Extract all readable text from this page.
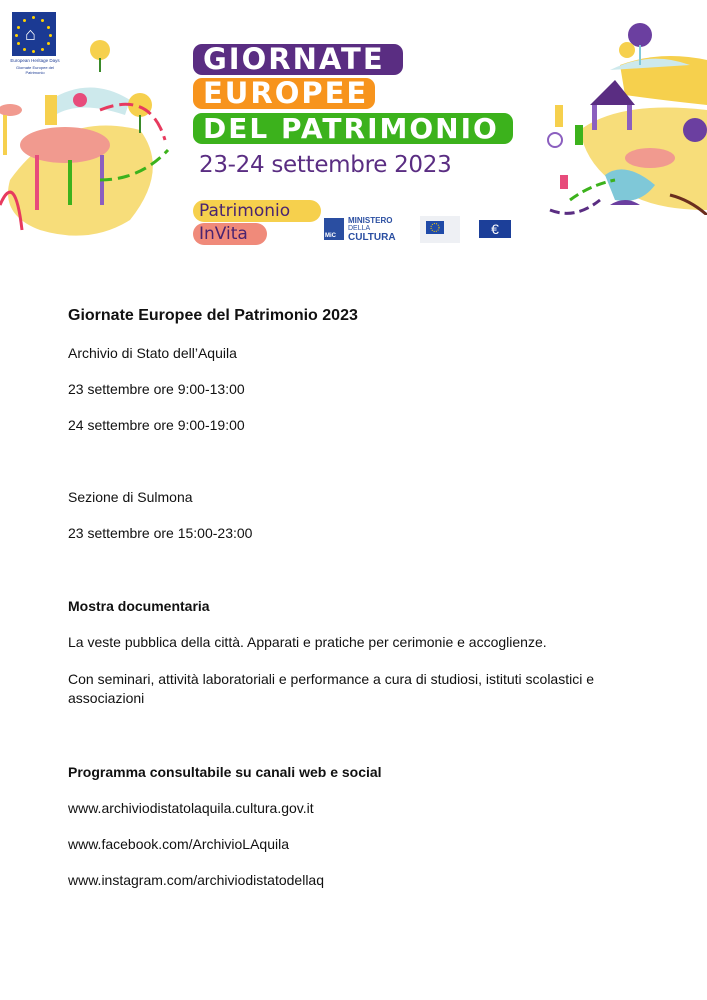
⌂
European Heritage Days
Giornate Europee del Patrimonio	GIORNATE
EUROPEE
DEL PATRIMONIO
23-24 settembre 2023
Patrimonio
InVita	MiC
MINISTERO
DELLA
CULTURA
€
Giornate Europee del Patrimonio 2023
Archivio di Stato dell’Aquila
23 settembre ore 9:00-13:00
24 settembre ore 9:00-19:00
Sezione di Sulmona
23 settembre ore 15:00-23:00
Mostra documentaria
La veste pubblica della città. Apparati e pratiche per cerimonie e accoglienze.
Con seminari, attività laboratoriali e performance a cura di studiosi, istituti scolastici e
associazioni
Programma consultabile su canali web e social
www.archiviodistatolaquila.cultura.gov.it
www.facebook.com/ArchivioLAquila
www.instagram.com/archiviodistatodellaq
